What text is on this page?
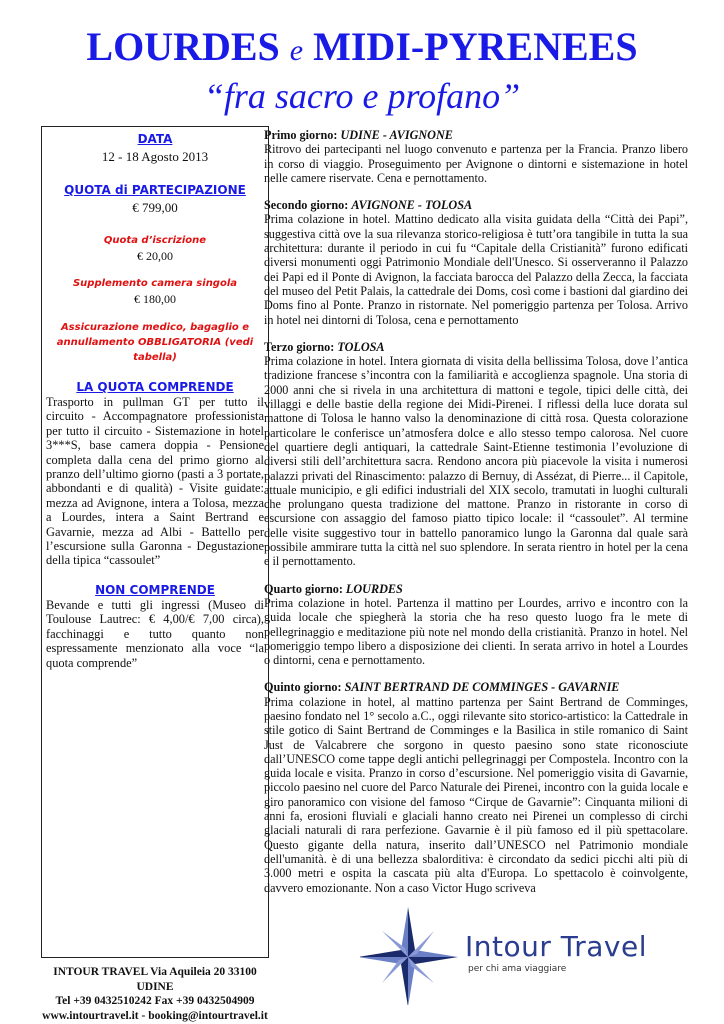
LOURDES e MIDI-PYRENEES
“fra sacro e profano”
DATA
12 - 18 Agosto 2013
QUOTA di PARTECIPAZIONE
€ 799,00
Quota d’iscrizione
€ 20,00
Supplemento camera singola
€ 180,00
Assicurazione medico, bagaglio e annullamento OBBLIGATORIA (vedi tabella)
LA QUOTA COMPRENDE
Trasporto in pullman GT per tutto il circuito - Accompagnatore professionista per tutto il circuito - Sistemazione in hotel 3***S, base camera doppia - Pensione completa dalla cena del primo giorno al pranzo dell’ultimo giorno (pasti a 3 portate, abbondanti e di qualità) - Visite guidate: mezza ad Avignone, intera a Tolosa, mezza a Lourdes, intera a Saint Bertrand e Gavarnie, mezza ad Albi - Battello per l’escursione sulla Garonna - Degustazione della tipica “cassoulet”
NON COMPRENDE
Bevande e tutti gli ingressi (Museo di Toulouse Lautrec: € 4,00/€ 7,00 circa), facchinaggi e tutto quanto non espressamente menzionato alla voce “la quota comprende”

Primo giorno: UDINE - AVIGNONE

Ritrovo dei partecipanti nel luogo convenuto e partenza per la Francia. Pranzo libero in corso di viaggio. Proseguimento per Avignone o dintorni e sistemazione in hotel nelle camere riservate. Cena e pernottamento.

Secondo giorno: AVIGNONE - TOLOSA

Prima colazione in hotel. Mattino dedicato alla visita guidata della “Città dei Papi”, suggestiva città ove la sua rilevanza storico-religiosa è tutt’ora tangibile in tutta la sua architettura: durante il periodo in cui fu “Capitale della Cristianità” furono edificati diversi monumenti oggi Patrimonio Mondiale dell'Unesco. Si osserveranno il Palazzo dei Papi ed il Ponte di Avignon, la facciata barocca del Palazzo della Zecca, la facciata del museo del Petit Palais, la cattedrale dei Doms, così come i bastioni dal giardino dei Doms fino al Ponte. Pranzo in ristornate. Nel pomeriggio partenza per Tolosa. Arrivo in hotel nei dintorni di Tolosa, cena e pernottamento

Terzo giorno: TOLOSA

Prima colazione in hotel. Intera giornata di visita della bellissima Tolosa, dove l’antica tradizione francese s’incontra con la familiarità e accoglienza spagnole. Una storia di 2000 anni che si rivela in una architettura di mattoni e tegole, tipici delle città, dei villaggi e delle bastie della regione dei Midi-Pirenei. I riflessi della luce dorata sul mattone di Tolosa le hanno valso la denominazione di città rosa. Questa colorazione particolare le conferisce un’atmosfera dolce e allo stesso tempo calorosa. Nel cuore del quartiere degli antiquari, la cattedrale Saint-Etienne testimonia l’evoluzione di diversi stili dell’architettura sacra. Rendono ancora più piacevole la visita i numerosi palazzi privati del Rinascimento: palazzo di Bernuy, di Assézat, di Pierre... il Capitole, attuale municipio, e gli edifici industriali del XIX secolo, tramutati in luoghi culturali che prolungano questa tradizione del mattone. Pranzo in ristorante in corso di escursione con assaggio del famoso piatto tipico locale: il “cassoulet”. Al termine delle visite suggestivo tour in battello panoramico lungo la Garonna dal quale sarà possibile ammirare tutta la città nel suo splendore. In serata rientro in hotel per la cena e il pernottamento.

Quarto giorno: LOURDES

Prima colazione in hotel. Partenza il mattino per Lourdes, arrivo e incontro con la guida locale che spiegherà la storia che ha reso questo luogo fra le mete di pellegrinaggio e meditazione più note nel mondo della cristianità. Pranzo in hotel. Nel pomeriggio tempo libero a disposizione dei clienti. In serata arrivo in hotel a Lourdes o dintorni, cena e pernottamento.

Quinto giorno: SAINT BERTRAND DE COMMINGES - GAVARNIE

Prima colazione in hotel, al mattino partenza per Saint Bertrand de Comminges, paesino fondato nel 1° secolo a.C., oggi rilevante sito storico-artistico: la Cattedrale in stile gotico di Saint Bertrand de Comminges e la Basilica in stile romanico di Saint Just de Valcabrere che sorgono in questo paesino sono state riconosciute dall’UNESCO come tappe degli antichi pellegrinaggi per Compostela. Incontro con la guida locale e visita. Pranzo in corso d’escursione. Nel pomeriggio visita di Gavarnie, piccolo paesino nel cuore del Parco Naturale dei Pirenei, incontro con la guida locale e giro panoramico con visione del famoso “Cirque de Gavarnie”: Cinquanta milioni di anni fa, erosioni fluviali e glaciali hanno creato nei Pirenei un complesso di circhi glaciali naturali di rara perfezione. Gavarnie è il più famoso ed il più spettacolare. Questo gigante della natura, inserito dall’UNESCO nel Patrimonio mondiale dell'umanità. è di una bellezza sbalorditiva: è circondato da sedici picchi alti più di 3.000 metri e ospita la cascata più alta d'Europa. Lo spettacolo è coinvolgente, davvero emozionante. Non a caso Victor Hugo scriveva

INTOUR TRAVEL Via Aquileia 20 33100 UDINE
Tel +39 0432510242 Fax +39 0432504909
www.intourtravel.it - booking@intourtravel.it
Intour Travel
per chi ama viaggiare
